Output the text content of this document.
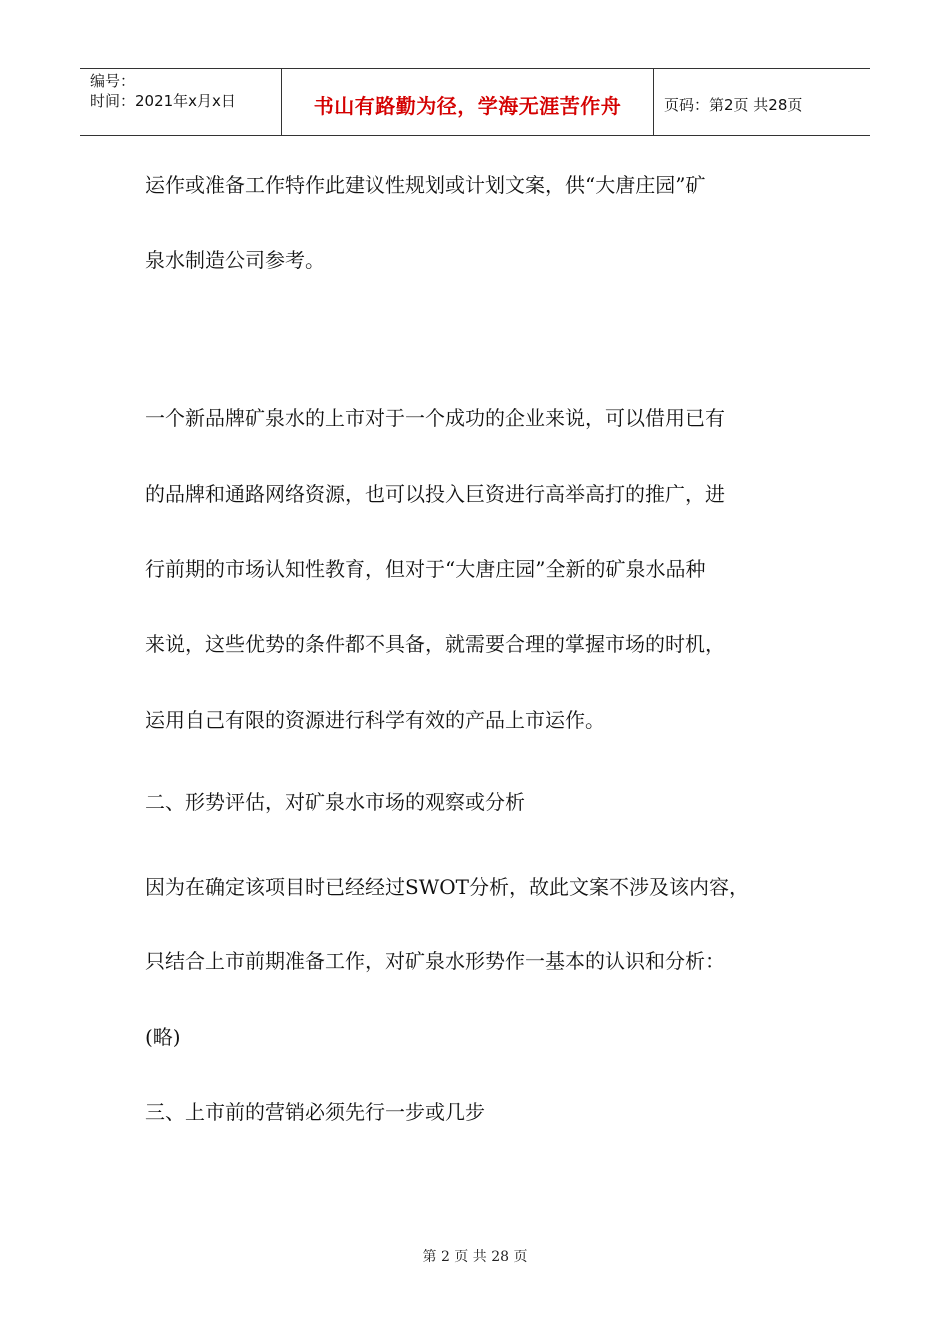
编号：
时间：2021年x月x日	书山有路勤为径，学海无涯苦作舟	页码：第2页 共28页
运作或准备工作特作此建议性规划或计划文案，供“大唐庄园”矿
泉水制造公司参考。
一个新品牌矿泉水的上市对于一个成功的企业来说，可以借用已有
的品牌和通路网络资源，也可以投入巨资进行高举高打的推广，进
行前期的市场认知性教育，但对于“大唐庄园”全新的矿泉水品种
来说，这些优势的条件都不具备，就需要合理的掌握市场的时机，
运用自己有限的资源进行科学有效的产品上市运作。
二、形势评估，对矿泉水市场的观察或分析
因为在确定该项目时已经经过SWOT分析，故此文案不涉及该内容，
只结合上市前期准备工作，对矿泉水形势作一基本的认识和分析：
(略)
三、上市前的营销必须先行一步或几步
第 2 页 共 28 页
